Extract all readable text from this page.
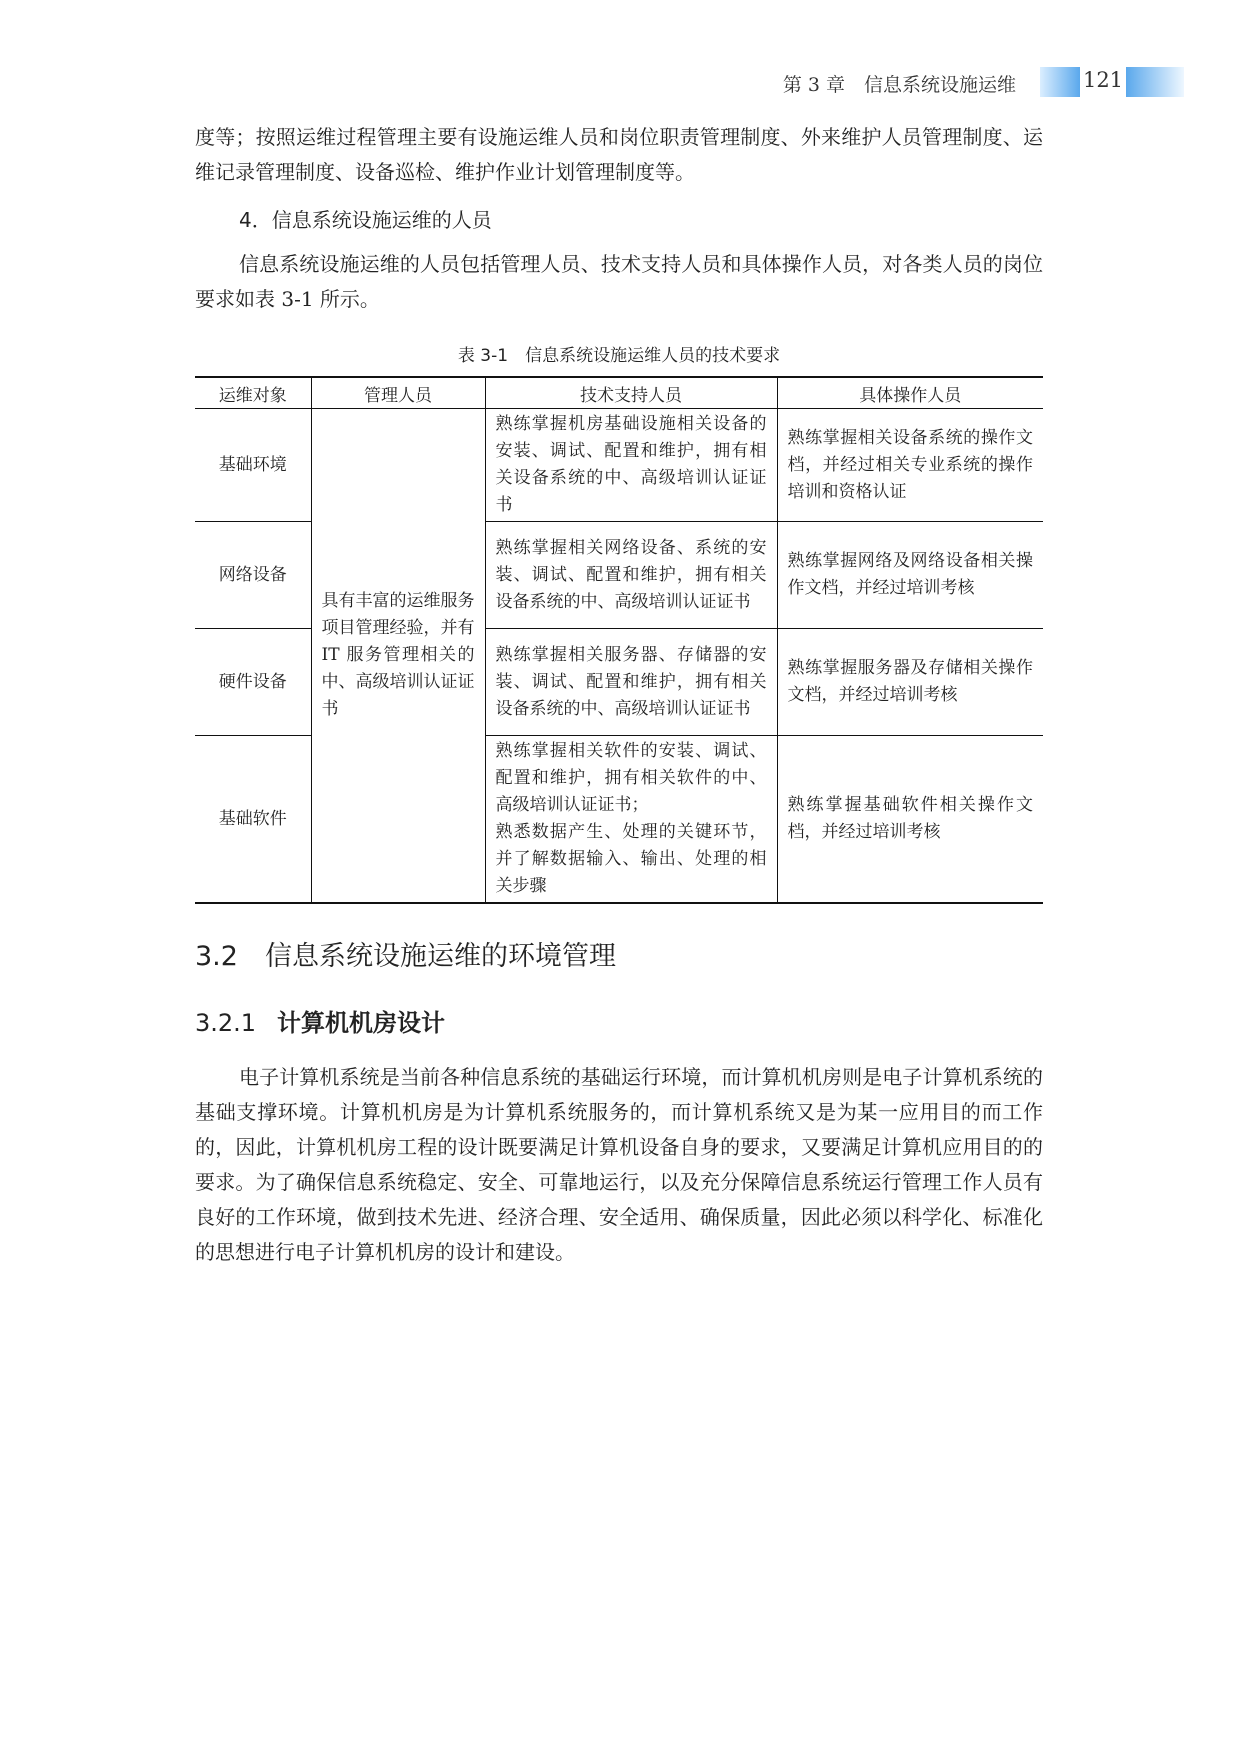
第 3 章　信息系统设施运维	121

度等；按照运维过程管理主要有设施运维人员和岗位职责管理制度、外来维护人员管理制度、运维记录管理制度、设备巡检、维护作业计划管理制度等。

4．信息系统设施运维的人员

信息系统设施运维的人员包括管理人员、技术支持人员和具体操作人员，对各类人员的岗位要求如表 3-1 所示。

表 3-1　信息系统设施运维人员的技术要求
运维对象	管理人员	技术支持人员	具体操作人员
基础环境	具有丰富的运维服务项目管理经验，并有 IT 服务管理相关的中、高级培训认证证书	熟练掌握机房基础设施相关设备的安装、调试、配置和维护，拥有相关设备系统的中、高级培训认证证书	熟练掌握相关设备系统的操作文档，并经过相关专业系统的操作培训和资格认证
网络设备		熟练掌握相关网络设备、系统的安装、调试、配置和维护，拥有相关设备系统的中、高级培训认证证书	熟练掌握网络及网络设备相关操作文档，并经过培训考核
硬件设备		熟练掌握相关服务器、存储器的安装、调试、配置和维护，拥有相关设备系统的中、高级培训认证证书	熟练掌握服务器及存储相关操作文档，并经过培训考核
基础软件		熟练掌握相关软件的安装、调试、配置和维护，拥有相关软件的中、高级培训认证证书；
熟悉数据产生、处理的关键环节，并了解数据输入、输出、处理的相关步骤	熟练掌握基础软件相关操作文档，并经过培训考核
3.2 信息系统设施运维的环境管理
3.2.1 计算机机房设计

电子计算机系统是当前各种信息系统的基础运行环境，而计算机机房则是电子计算机系统的基础支撑环境。计算机机房是为计算机系统服务的，而计算机系统又是为某一应用目的而工作的，因此，计算机机房工程的设计既要满足计算机设备自身的要求，又要满足计算机应用目的的要求。为了确保信息系统稳定、安全、可靠地运行，以及充分保障信息系统运行管理工作人员有良好的工作环境，做到技术先进、经济合理、安全适用、确保质量，因此必须以科学化、标准化的思想进行电子计算机机房的设计和建设。
